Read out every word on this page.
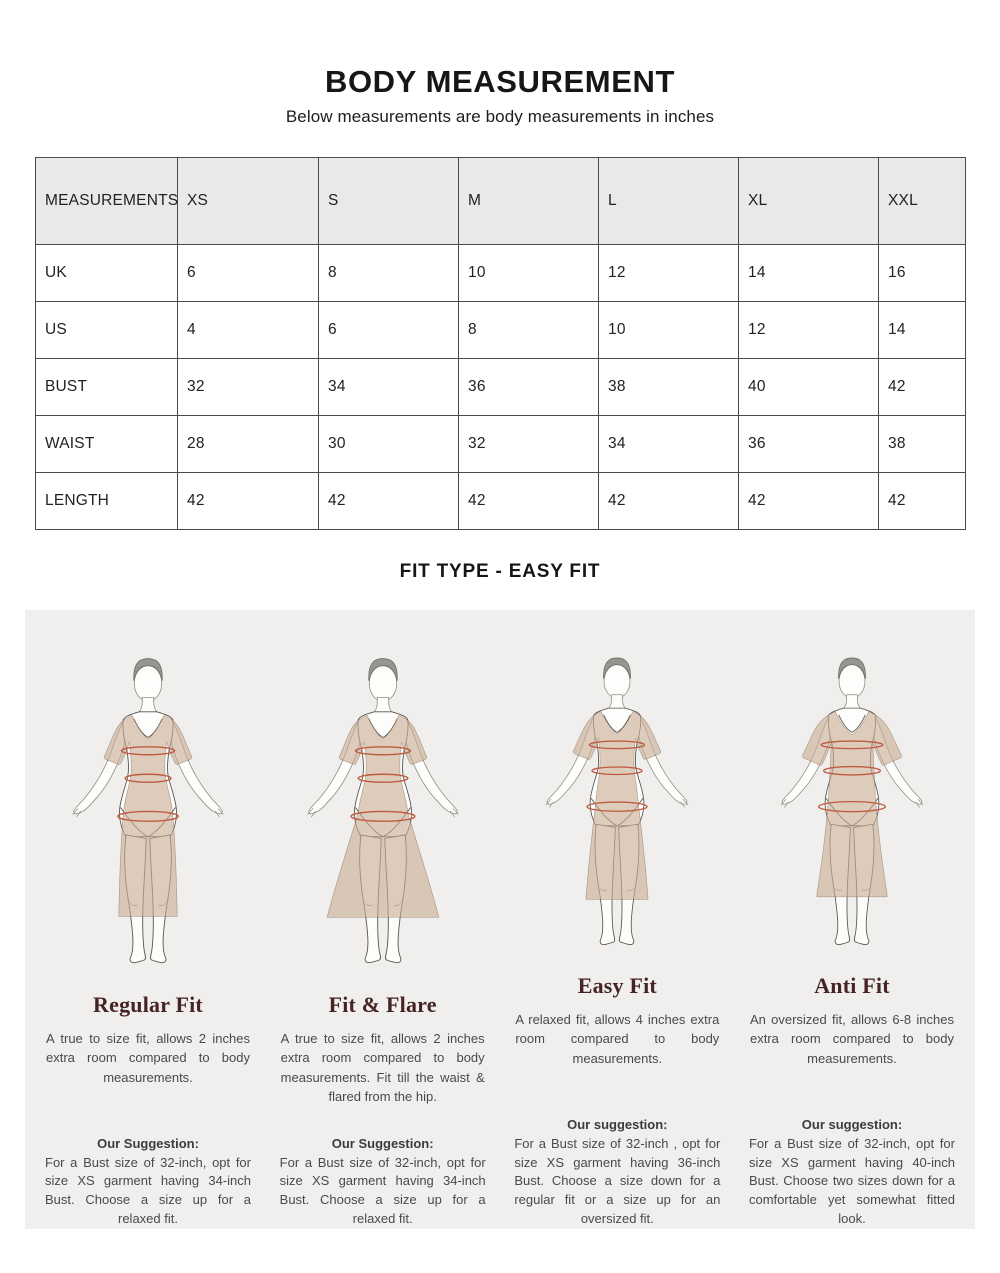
BODY MEASUREMENT
Below measurements are body measurements in inches
MEASUREMENTS	XS	S	M	L	XL	XXL
UK	6	8	10	12	14	16
US	4	6	8	10	12	14
BUST	32	34	36	38	40	42
WAIST	28	30	32	34	36	38
LENGTH	42	42	42	42	42	42
FIT TYPE - EASY FIT
Regular Fit
A true to size fit, allows 2 inches extra room compared to body measurements.
Our Suggestion:
For a Bust size of 32-inch, opt for size XS garment having 34-inch Bust. Choose a size up for a relaxed fit.
Fit & Flare
A true to size fit, allows 2 inches extra room compared to body measurements. Fit till the waist & flared from the hip.
Our Suggestion:
For a Bust size of 32-inch, opt for size XS garment having 34-inch Bust. Choose a size up for a relaxed fit.
Easy Fit
A relaxed fit, allows 4 inches extra room compared to body measurements.
Our suggestion:
For a Bust size of 32-inch , opt for size XS garment having 36-inch Bust. Choose a size down for a regular fit or a size up for an oversized fit.
Anti Fit
An oversized fit, allows 6-8 inches extra room compared to body measurements.
Our suggestion:
For a Bust size of 32-inch, opt for size XS garment having 40-inch Bust. Choose two sizes down for a comfortable yet somewhat fitted look.
